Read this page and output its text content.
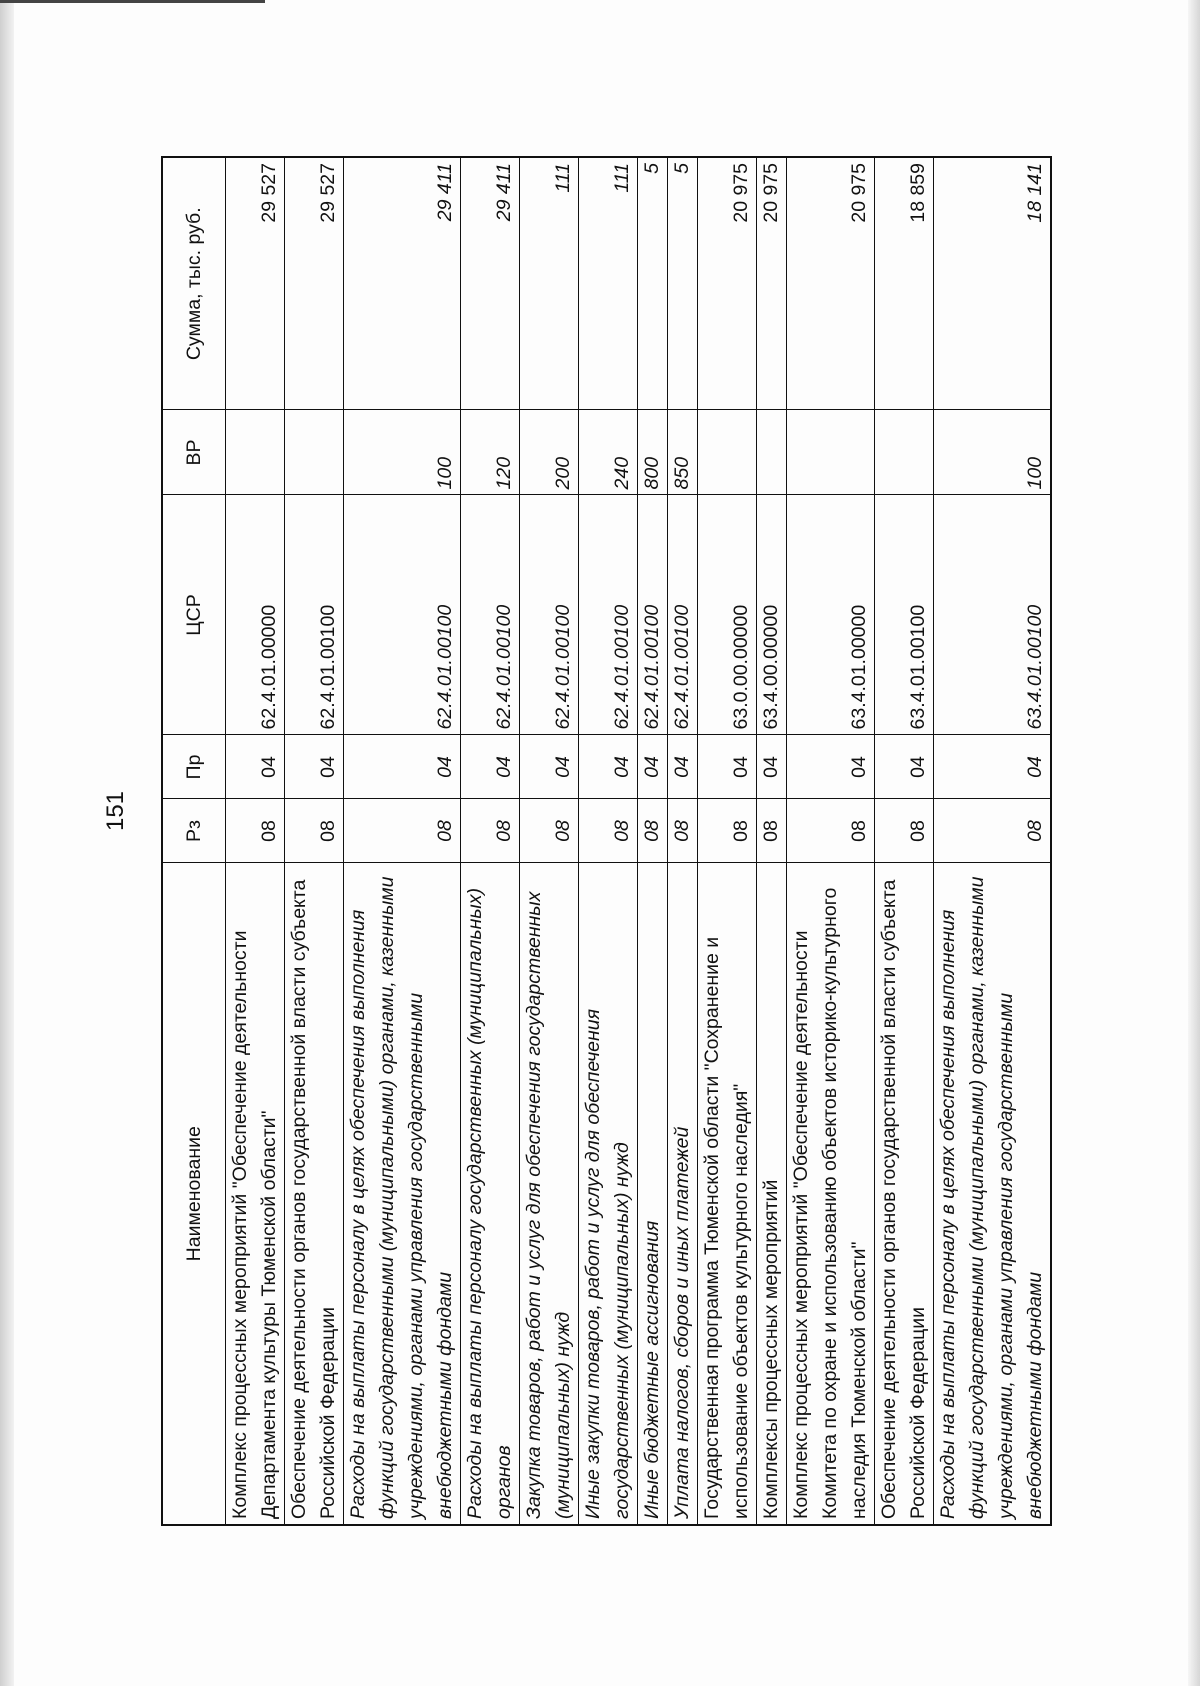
151
Наименование	Рз	Пр	ЦСР	ВР	Сумма, тыс. руб.
Комплекс процессных мероприятий "Обеспечение деятельности Департамента культуры Тюменской области"	08	04	62.4.01.00000		29 527
Обеспечение деятельности органов государственной власти субъекта Российской Федерации	08	04	62.4.01.00100		29 527
Расходы на выплаты персоналу в целях обеспечения выполнения функций государственными (муниципальными) органами, казенными учреждениями, органами управления государственными внебюджетными фондами	08	04	62.4.01.00100	100	29 411
Расходы на выплаты персоналу государственных (муниципальных) органов	08	04	62.4.01.00100	120	29 411
Закупка товаров, работ и услуг для обеспечения государственных (муниципальных) нужд	08	04	62.4.01.00100	200	111
Иные закупки товаров, работ и услуг для обеспечения государственных (муниципальных) нужд	08	04	62.4.01.00100	240	111
Иные бюджетные ассигнования	08	04	62.4.01.00100	800	5
Уплата налогов, сборов и иных платежей	08	04	62.4.01.00100	850	5
Государственная программа Тюменской области "Сохранение и использование объектов культурного наследия"	08	04	63.0.00.00000		20 975
Комплексы процессных мероприятий	08	04	63.4.00.00000		20 975
Комплекс процессных мероприятий "Обеспечение деятельности Комитета по охране и использованию объектов историко-культурного наследия Тюменской области"	08	04	63.4.01.00000		20 975
Обеспечение деятельности органов государственной власти субъекта Российской Федерации	08	04	63.4.01.00100		18 859
Расходы на выплаты персоналу в целях обеспечения выполнения функций государственными (муниципальными) органами, казенными учреждениями, органами управления государственными внебюджетными фондами	08	04	63.4.01.00100	100	18 141
